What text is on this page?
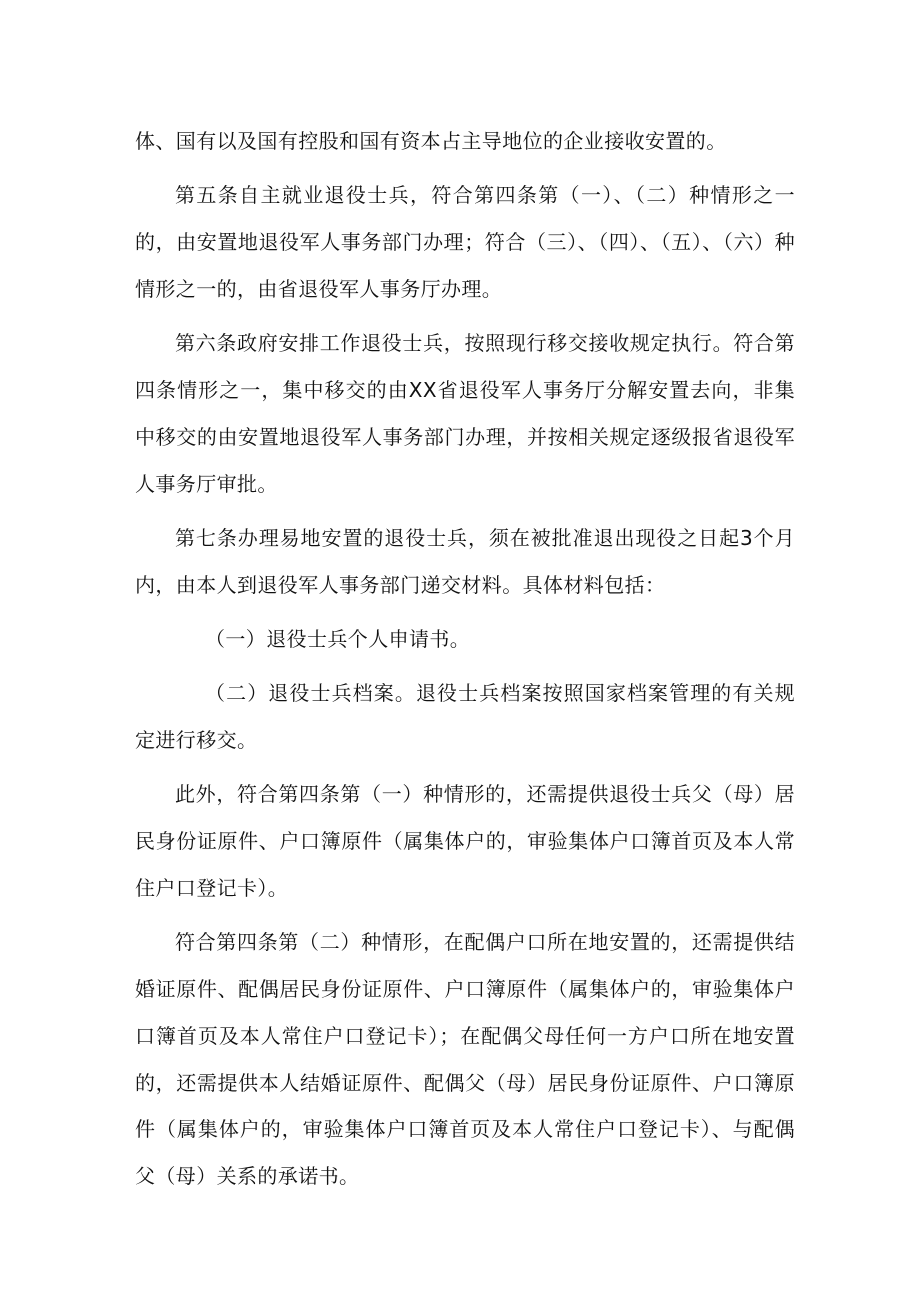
体、国有以及国有控股和国有资本占主导地位的企业接收安置的。

第五条自主就业退役士兵，符合第四条第（一）、（二）种情形之一的，由安置地退役军人事务部门办理；符合（三）、（四）、（五）、（六）种情形之一的，由省退役军人事务厅办理。

第六条政府安排工作退役士兵，按照现行移交接收规定执行。符合第四条情形之一，集中移交的由XX省退役军人事务厅分解安置去向，非集中移交的由安置地退役军人事务部门办理，并按相关规定逐级报省退役军人事务厅审批。

第七条办理易地安置的退役士兵，须在被批准退出现役之日起3个月内，由本人到退役军人事务部门递交材料。具体材料包括：

（一）退役士兵个人申请书。

（二）退役士兵档案。退役士兵档案按照国家档案管理的有关规定进行移交。

此外，符合第四条第（一）种情形的，还需提供退役士兵父（母）居民身份证原件、户口簿原件（属集体户的，审验集体户口簿首页及本人常住户口登记卡）。

符合第四条第（二）种情形，在配偶户口所在地安置的，还需提供结婚证原件、配偶居民身份证原件、户口簿原件（属集体户的，审验集体户口簿首页及本人常住户口登记卡）；在配偶父母任何一方户口所在地安置的，还需提供本人结婚证原件、配偶父（母）居民身份证原件、户口簿原件（属集体户的，审验集体户口簿首页及本人常住户口登记卡）、与配偶父（母）关系的承诺书。
